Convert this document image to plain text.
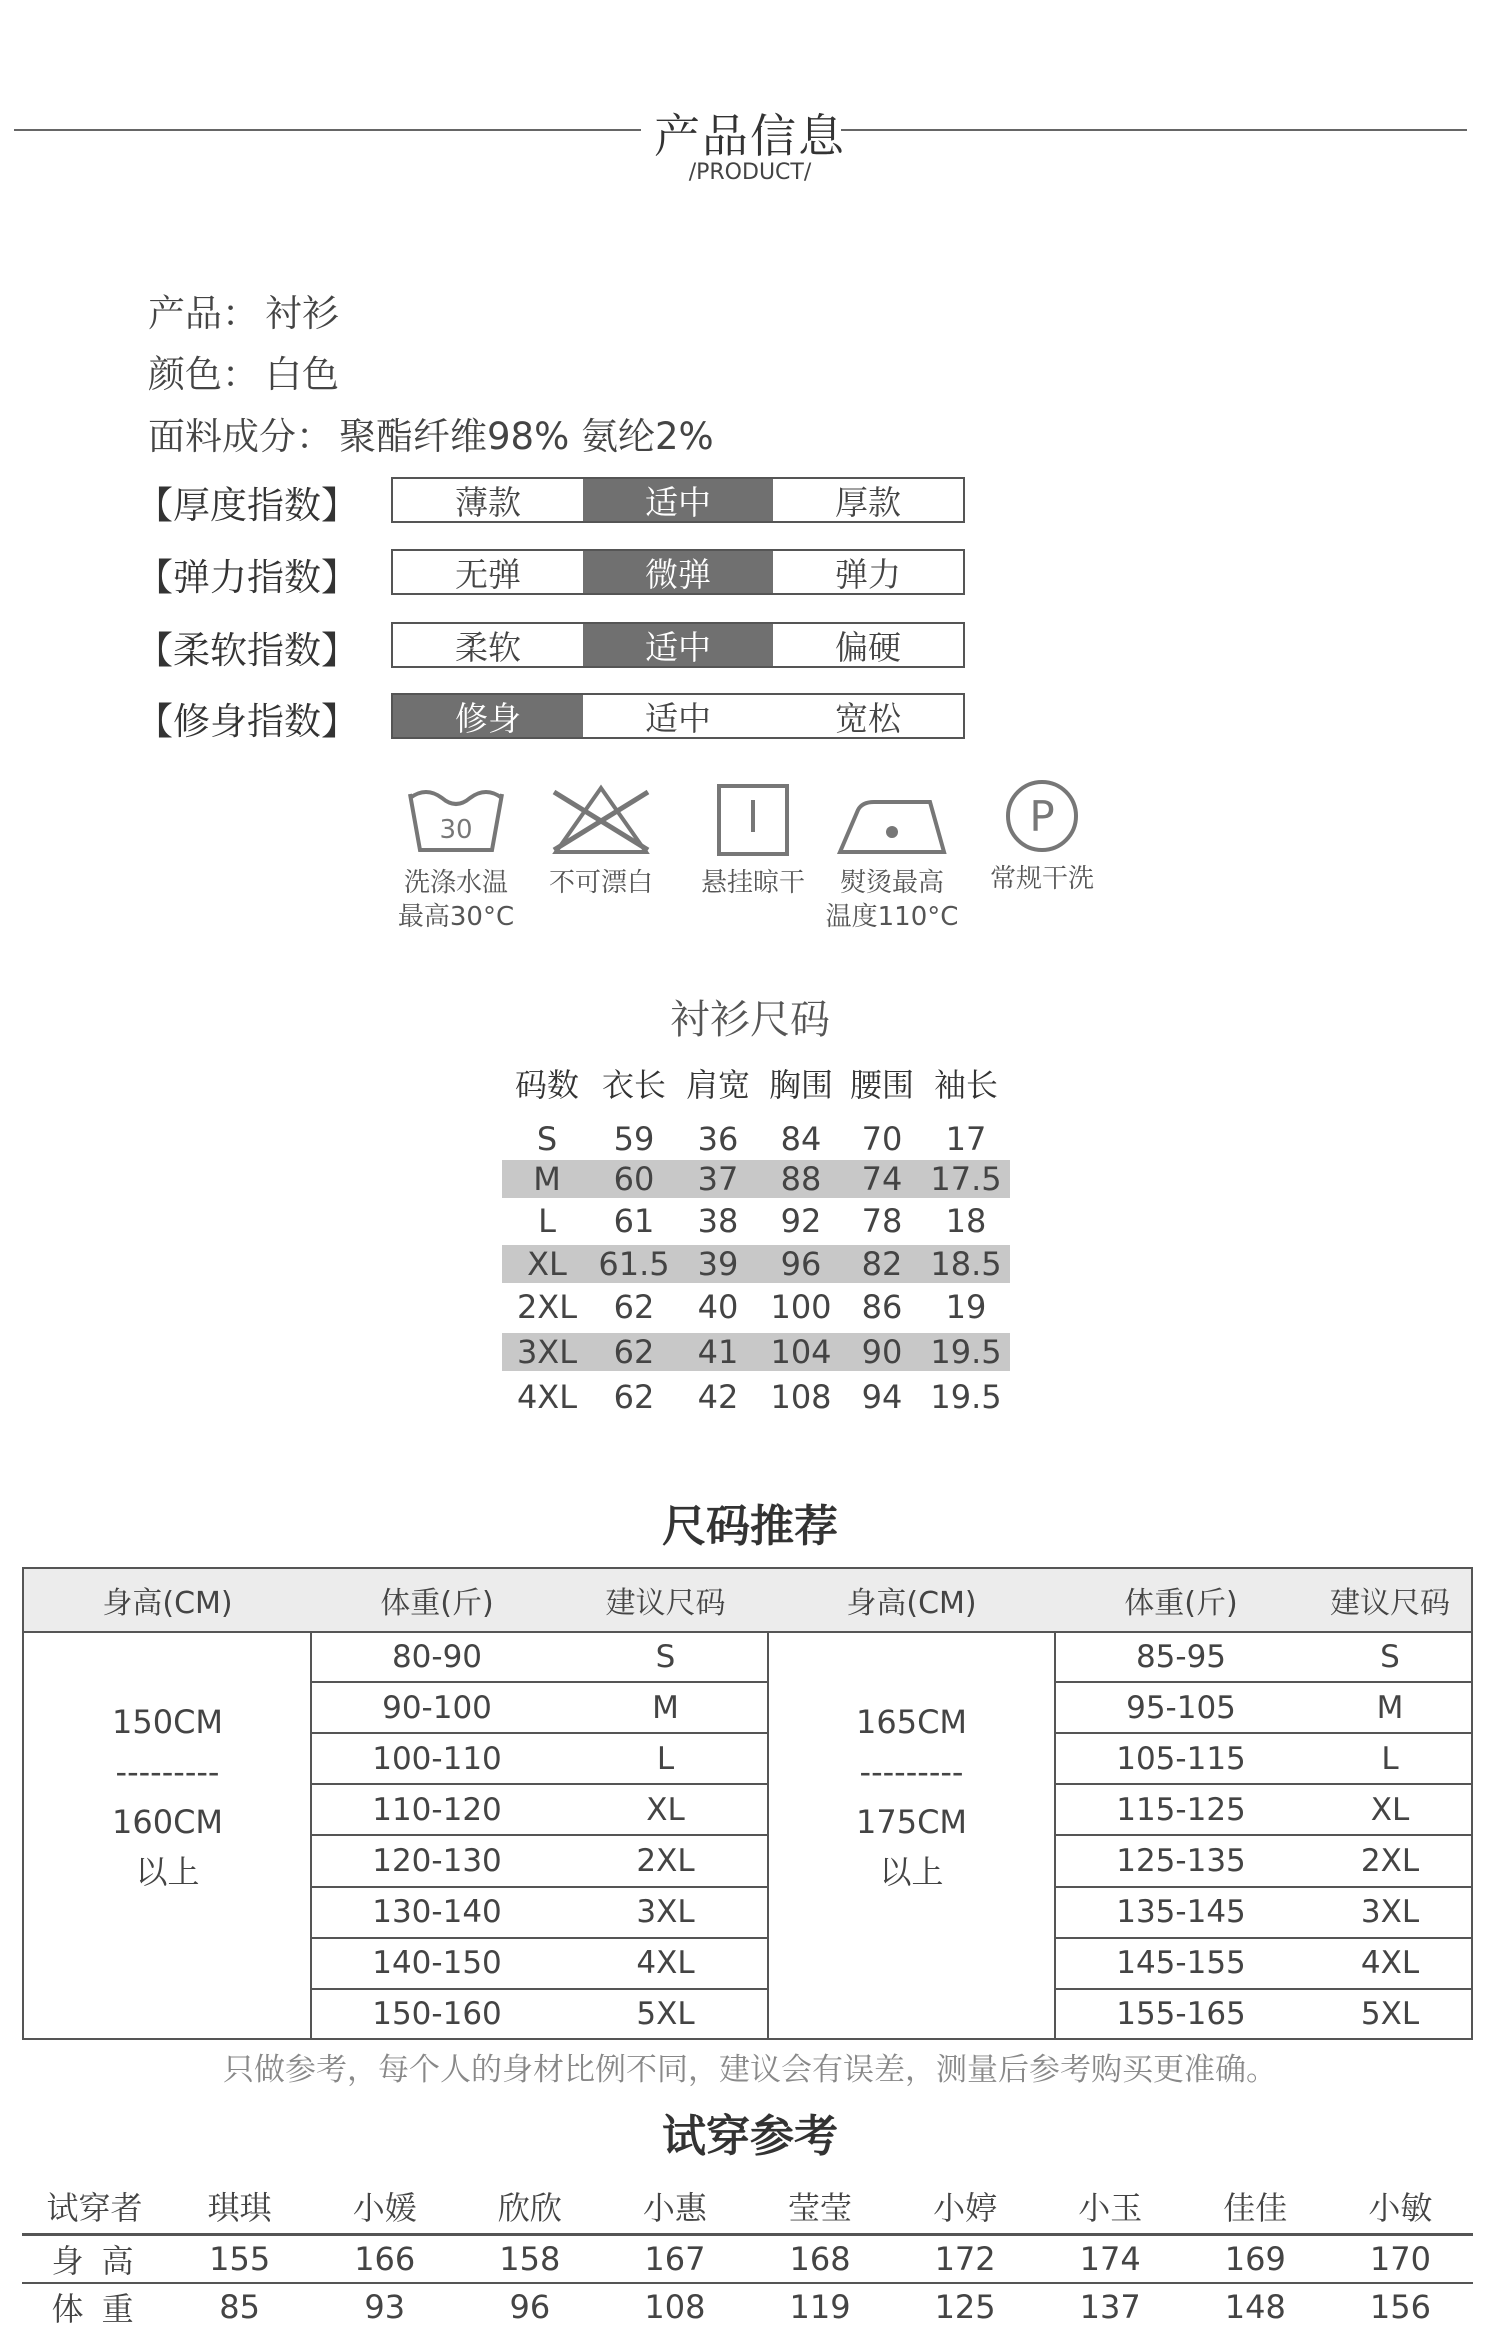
产品信息
/PRODUCT/
产品： 衬衫
颜色： 白色
面料成分： 聚酯纤维98% 氨纶2%
【厚度指数】	薄款	适中	厚款
【弹力指数】	无弹	微弹	弹力
【柔软指数】	柔软	适中	偏硬
【修身指数】	修身	适中	宽松
30
洗涤水温
最高30°C
不可漂白	悬挂晾干	熨烫最高
温度110°C
P
常规干洗
衬衫尺码
码数 衣长 肩宽 胸围 腰围 袖长
S	59	36	84	70	17
M	60	37	88	74 17.5
L	61	38	92	78	18
XL 61.5 39	96	82 18.5
2XL	62	40	100 86	19
3XL	62	41	104 90 19.5
4XL	62	42	108 94 19.5
尺码推荐
身高(CM)	体重(斤)	建议尺码	身高(CM)	体重(斤)	建议尺码
150CM
---------
160CM
以上
165CM
---------
175CM
以上
80-90	S	85-95	S
90-100	M	95-105	M
100-110	L	105-115	L
110-120	XL	115-125	XL
120-130	2XL	125-135	2XL
130-140	3XL	135-145	3XL
140-150	4XL	145-155	4XL
150-160	5XL	155-165	5XL
只做参考，每个人的身材比例不同，建议会有误差，测量后参考购买更准确。
试穿参考
试穿者	琪琪	小媛	欣欣	小惠	莹莹	小婷	小玉	佳佳	小敏
身 高	155	166	158	167	168	172	174	169	170
体 重	85	93	96	108	119	125	137	148	156
